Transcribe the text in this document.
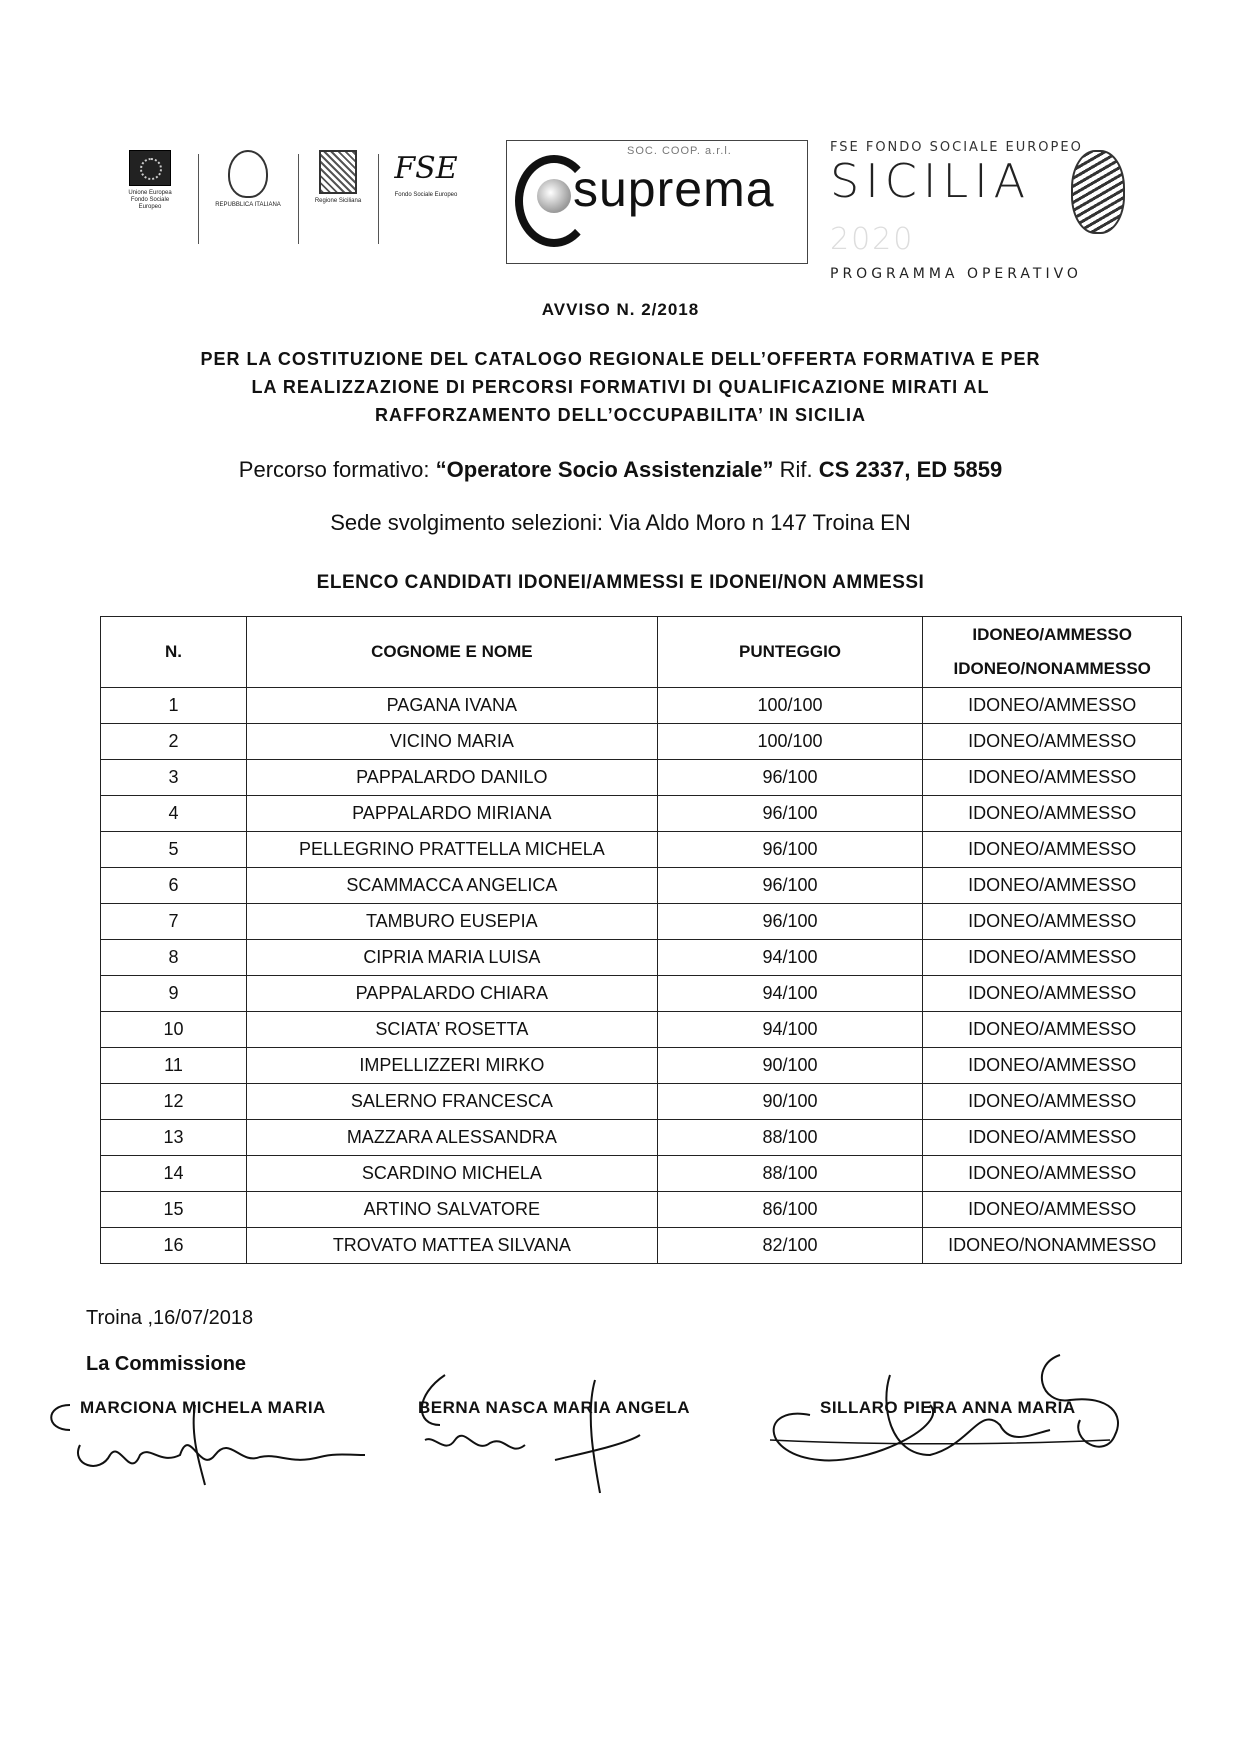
Unione Europea
Fondo Sociale Europeo	REPUBBLICA ITALIANA
Regione Siciliana
FSE
Fondo Sociale Europeo
SOC. COOP. a.r.l.
suprema
FSE FONDO SOCIALE EUROPEO
SICILIA 2020
PROGRAMMA OPERATIVO
AVVISO N. 2/2018
PER LA COSTITUZIONE DEL CATALOGO REGIONALE DELL’OFFERTA FORMATIVA E PER
LA REALIZZAZIONE DI PERCORSI FORMATIVI DI QUALIFICAZIONE MIRATI AL
RAFFORZAMENTO DELL’OCCUPABILITA’ IN SICILIA
Percorso formativo: “Operatore Socio Assistenziale” Rif. CS 2337, ED 5859
Sede svolgimento selezioni: Via Aldo Moro n 147 Troina EN
ELENCO CANDIDATI IDONEI/AMMESSI E IDONEI/NON AMMESSI
N.	COGNOME E NOME	PUNTEGGIO	IDONEO/AMMESSO
IDONEO/NONAMMESSO

1	PAGANA IVANA	100/100	IDONEO/AMMESSO
2	VICINO MARIA	100/100	IDONEO/AMMESSO
3	PAPPALARDO DANILO	96/100	IDONEO/AMMESSO
4	PAPPALARDO MIRIANA	96/100	IDONEO/AMMESSO
5	PELLEGRINO PRATTELLA MICHELA	96/100	IDONEO/AMMESSO
6	SCAMMACCA ANGELICA	96/100	IDONEO/AMMESSO
7	TAMBURO EUSEPIA	96/100	IDONEO/AMMESSO
8	CIPRIA MARIA LUISA	94/100	IDONEO/AMMESSO
9	PAPPALARDO CHIARA	94/100	IDONEO/AMMESSO
10	SCIATA’ ROSETTA	94/100	IDONEO/AMMESSO
11	IMPELLIZZERI MIRKO	90/100	IDONEO/AMMESSO
12	SALERNO FRANCESCA	90/100	IDONEO/AMMESSO
13	MAZZARA ALESSANDRA	88/100	IDONEO/AMMESSO
14	SCARDINO MICHELA	88/100	IDONEO/AMMESSO
15	ARTINO SALVATORE	86/100	IDONEO/AMMESSO
16	TROVATO MATTEA SILVANA	82/100	IDONEO/NONAMMESSO
Troina ,16/07/2018
La Commissione
MARCIONA MICHELA MARIA	BERNA NASCA MARIA ANGELA	SILLARO PIERA ANNA MARIA
